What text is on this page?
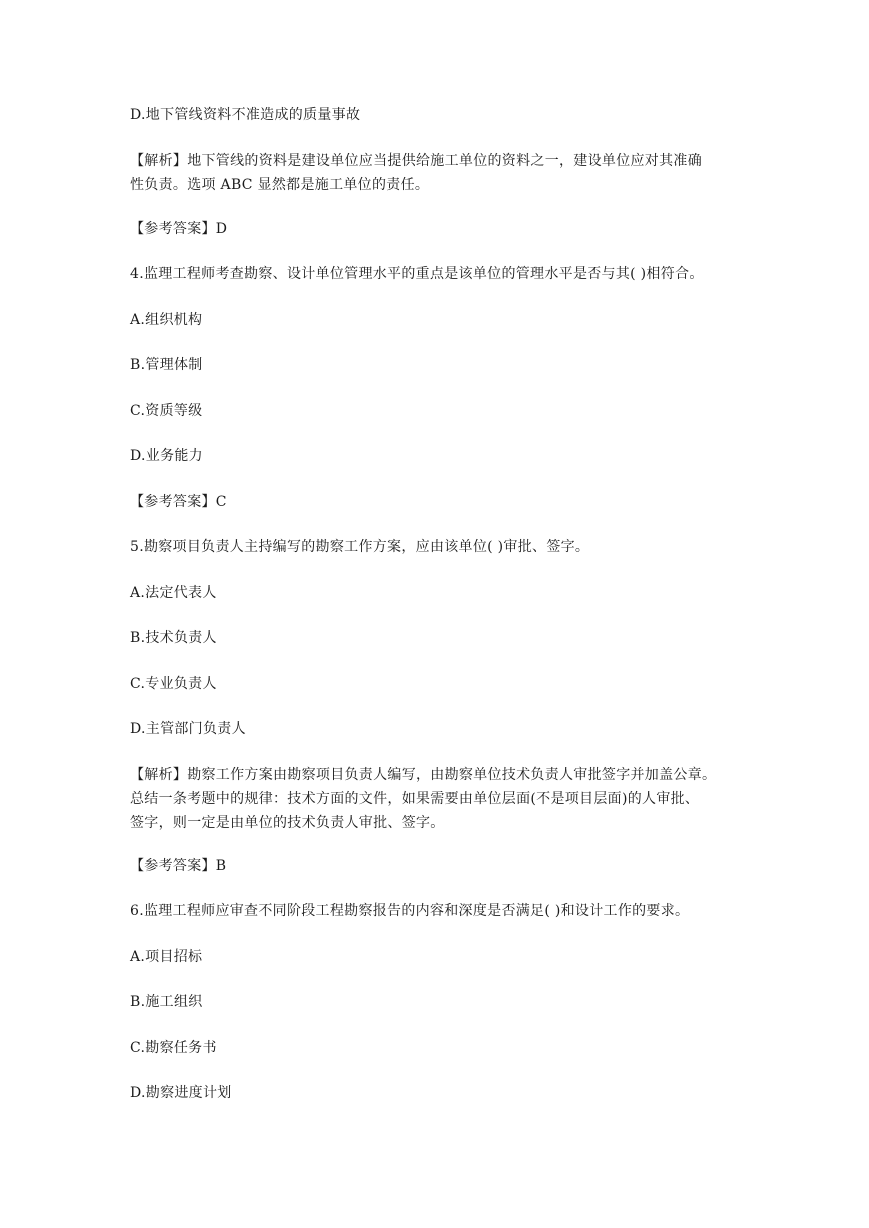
D.地下管线资料不准造成的质量事故

【解析】地下管线的资料是建设单位应当提供给施工单位的资料之一，建设单位应对其准确
性负责。选项 ABC 显然都是施工单位的责任。

【参考答案】D

4.监理工程师考查勘察、设计单位管理水平的重点是该单位的管理水平是否与其( )相符合。

A.组织机构

B.管理体制

C.资质等级

D.业务能力

【参考答案】C

5.勘察项目负责人主持编写的勘察工作方案，应由该单位( )审批、签字。

A.法定代表人

B.技术负责人

C.专业负责人

D.主管部门负责人

【解析】勘察工作方案由勘察项目负责人编写，由勘察单位技术负责人审批签字并加盖公章。
总结一条考题中的规律：技术方面的文件，如果需要由单位层面(不是项目层面)的人审批、
签字，则一定是由单位的技术负责人审批、签字。

【参考答案】B

6.监理工程师应审查不同阶段工程勘察报告的内容和深度是否满足( )和设计工作的要求。

A.项目招标

B.施工组织

C.勘察任务书

D.勘察进度计划
